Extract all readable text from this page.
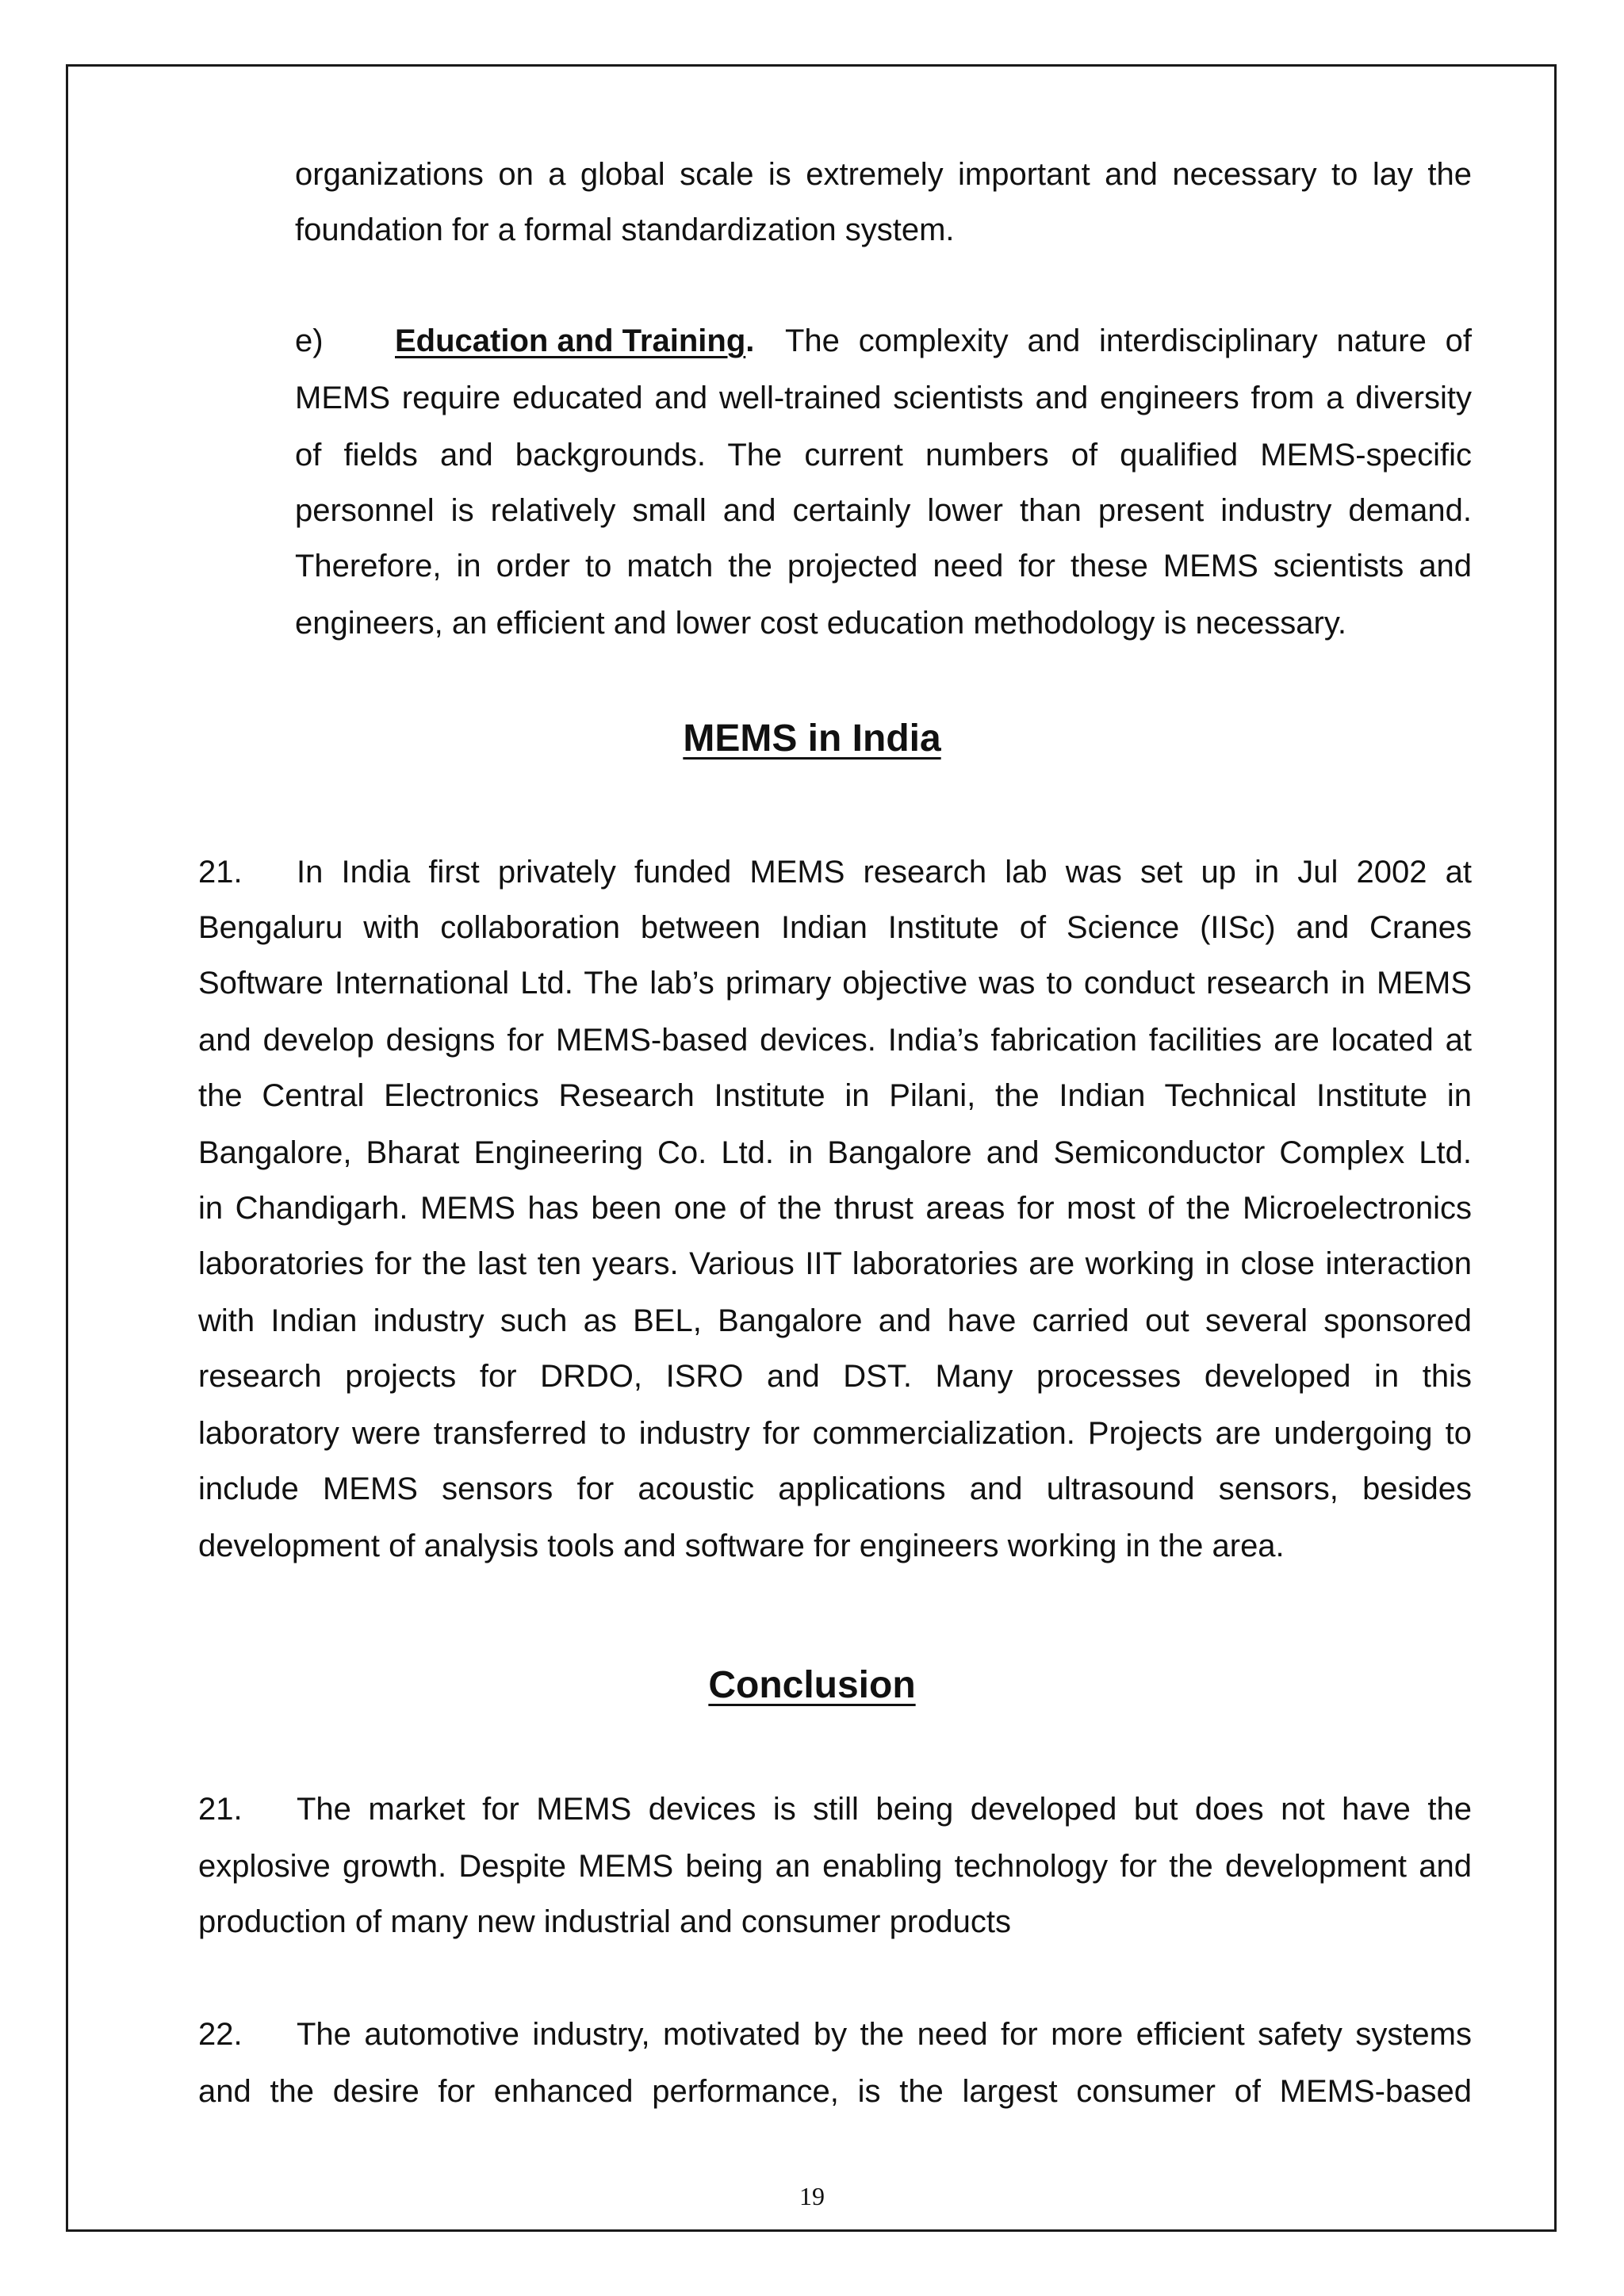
organizations on a global scale is extremely important and necessary to lay the
foundation for a formal standardization system.
e)	Education and Training. The complexity and interdisciplinary nature of
MEMS require educated and well-trained scientists and engineers from a diversity
of fields and backgrounds. The current numbers of qualified MEMS-specific
personnel is relatively small and certainly lower than present industry demand.
Therefore, in order to match the projected need for these MEMS scientists and
engineers, an efficient and lower cost education methodology is necessary.
MEMS in India
21.	In India first privately funded MEMS research lab was set up in Jul 2002 at
Bengaluru with collaboration between Indian Institute of Science (IISc) and Cranes
Software International Ltd. The lab’s primary objective was to conduct research in MEMS
and develop designs for MEMS-based devices. India’s fabrication facilities are located at
the Central Electronics Research Institute in Pilani, the Indian Technical Institute in
Bangalore, Bharat Engineering Co. Ltd. in Bangalore and Semiconductor Complex Ltd.
in Chandigarh. MEMS has been one of the thrust areas for most of the Microelectronics
laboratories for the last ten years. Various IIT laboratories are working in close interaction
with Indian industry such as BEL, Bangalore and have carried out several sponsored
research projects for DRDO, ISRO and DST. Many processes developed in this
laboratory were transferred to industry for commercialization. Projects are undergoing to
include MEMS sensors for acoustic applications and ultrasound sensors, besides
development of analysis tools and software for engineers working in the area.
Conclusion
21.	The market for MEMS devices is still being developed but does not have the
explosive growth. Despite MEMS being an enabling technology for the development and
production of many new industrial and consumer products
22.	The automotive industry, motivated by the need for more efficient safety systems
and the desire for enhanced performance, is the largest consumer of MEMS-based
19
